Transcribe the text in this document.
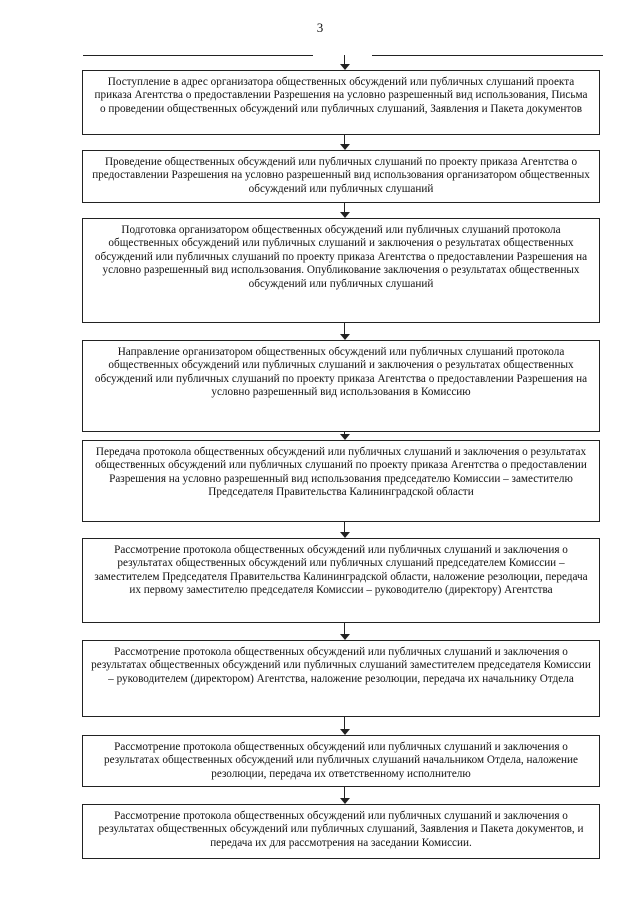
3
Поступление в адрес организатора общественных обсуждений или публичных слушаний проекта приказа Агентства о предоставлении Разрешения на условно разрешенный вид использования, Письма о проведении общественных обсуждений или публичных слушаний, Заявления и Пакета документов
Проведение общественных обсуждений или публичных слушаний по проекту приказа Агентства о предоставлении Разрешения на условно разрешенный вид использования организатором общественных обсуждений или публичных слушаний
Подготовка организатором общественных обсуждений или публичных слушаний протокола общественных обсуждений или публичных слушаний и заключения о результатах общественных обсуждений или публичных слушаний по проекту приказа Агентства о предоставлении Разрешения на условно разрешенный вид использования. Опубликование заключения о результатах общественных обсуждений или публичных слушаний
Направление организатором общественных обсуждений или публичных слушаний протокола общественных обсуждений или публичных слушаний и заключения о результатах общественных обсуждений или публичных слушаний по проекту приказа Агентства о предоставлении Разрешения на условно разрешенный вид использования в Комиссию
Передача протокола общественных обсуждений или публичных слушаний и заключения о результатах общественных обсуждений или публичных слушаний по проекту приказа Агентства о предоставлении Разрешения на условно разрешенный вид использования председателю Комиссии – заместителю Председателя Правительства Калининградской области
Рассмотрение протокола общественных обсуждений или публичных слушаний и заключения о результатах общественных обсуждений или публичных слушаний председателем Комиссии – заместителем Председателя Правительства Калининградской области, наложение резолюции, передача их первому заместителю председателя Комиссии – руководителю (директору) Агентства
Рассмотрение протокола общественных обсуждений или публичных слушаний и заключения о результатах общественных обсуждений или публичных слушаний заместителем председателя Комиссии – руководителем (директором) Агентства, наложение резолюции, передача их начальнику Отдела
Рассмотрение протокола общественных обсуждений или публичных слушаний и заключения о результатах общественных обсуждений или публичных слушаний начальником Отдела, наложение резолюции, передача их ответственному исполнителю
Рассмотрение протокола общественных обсуждений или публичных слушаний и заключения о результатах общественных обсуждений или публичных слушаний, Заявления и Пакета документов, и передача их для рассмотрения на заседании Комиссии.
